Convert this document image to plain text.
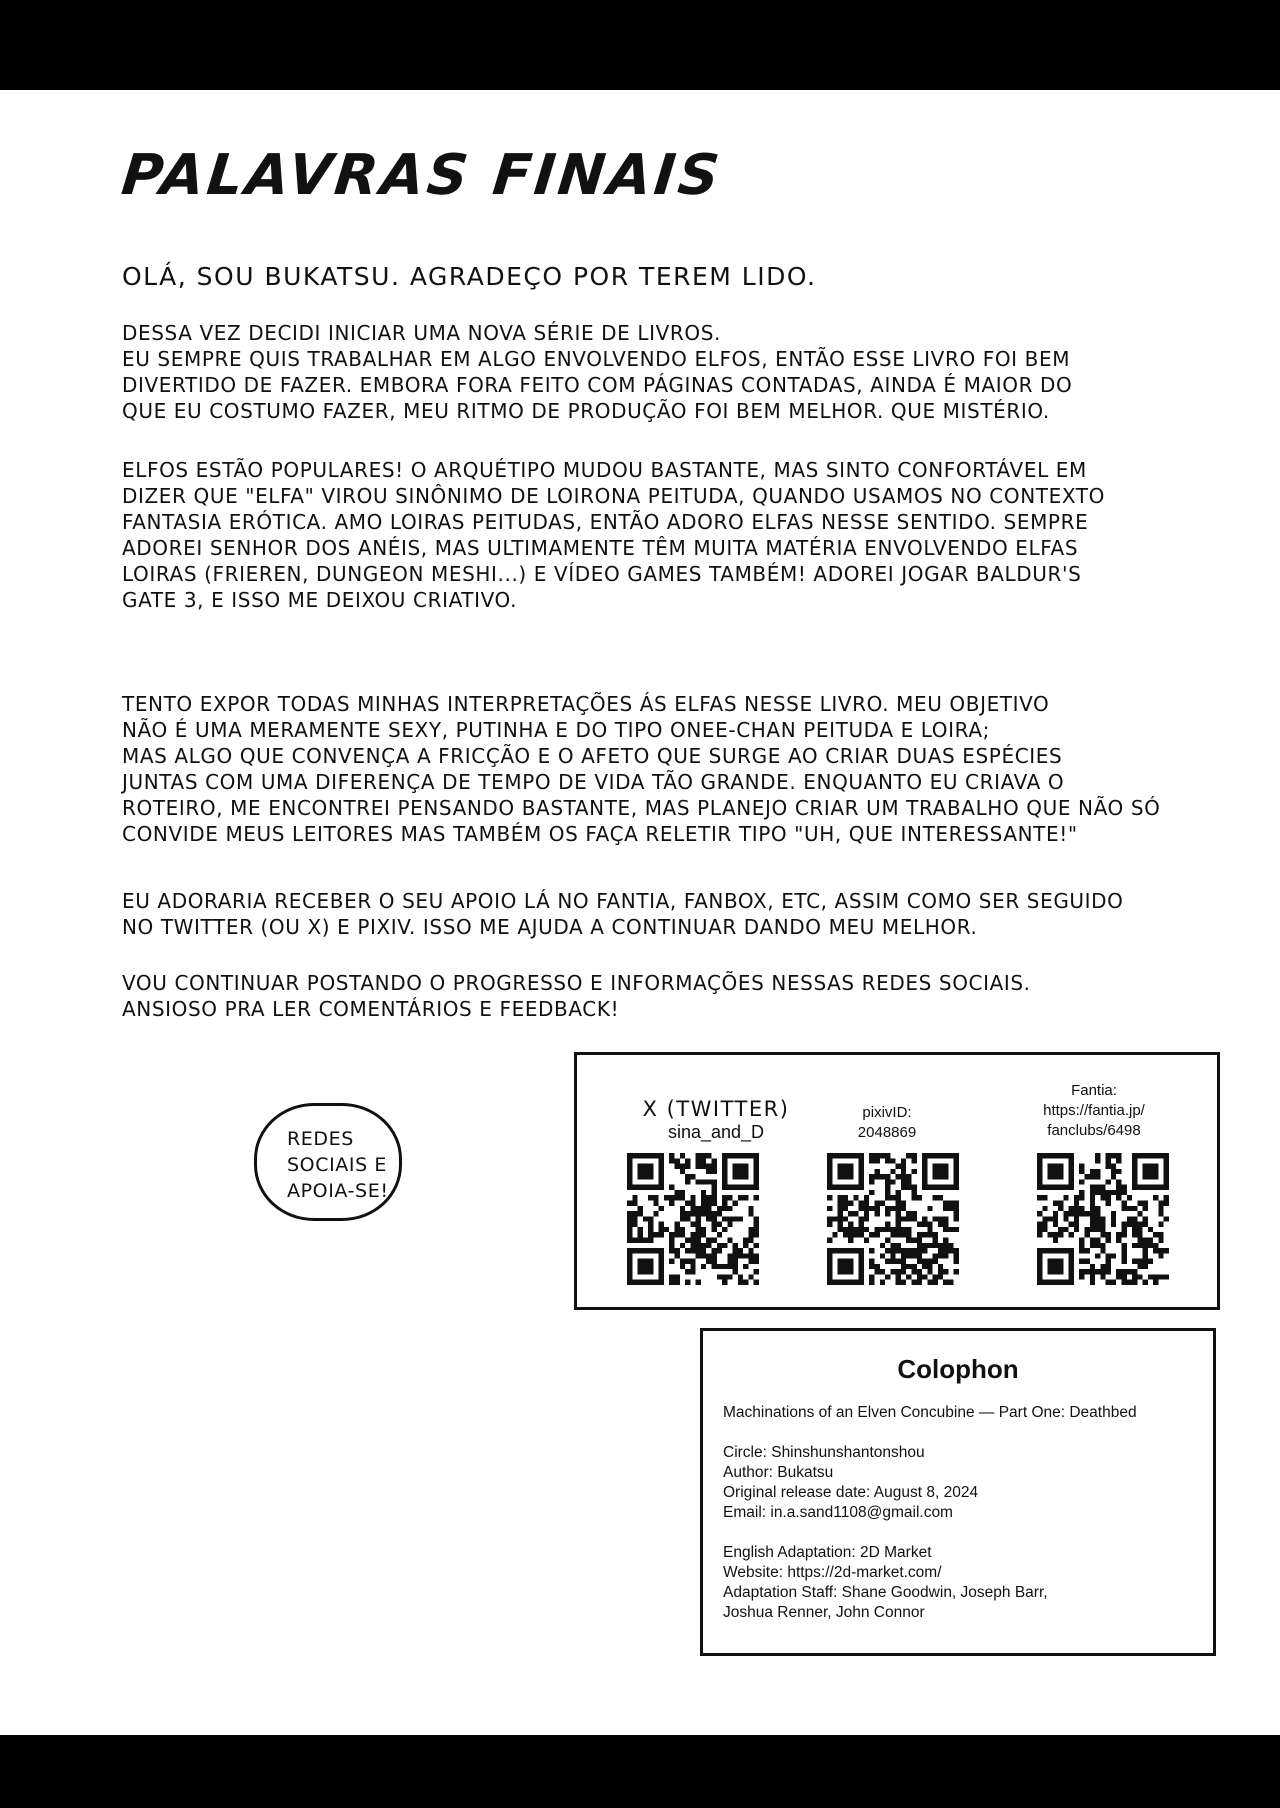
PALAVRAS FINAIS
OLÁ, SOU BUKATSU. AGRADEÇO POR TEREM LIDO.

DESSA VEZ DECIDI INICIAR UMA NOVA SÉRIE DE LIVROS.
EU SEMPRE QUIS TRABALHAR EM ALGO ENVOLVENDO ELFOS, ENTÃO ESSE LIVRO FOI BEM
DIVERTIDO DE FAZER. EMBORA FORA FEITO COM PÁGINAS CONTADAS, AINDA É MAIOR DO
QUE EU COSTUMO FAZER, MEU RITMO DE PRODUÇÃO FOI BEM MELHOR. QUE MISTÉRIO.

ELFOS ESTÃO POPULARES! O ARQUÉTIPO MUDOU BASTANTE, MAS SINTO CONFORTÁVEL EM
DIZER QUE "ELFA" VIROU SINÔNIMO DE LOIRONA PEITUDA, QUANDO USAMOS NO CONTEXTO
FANTASIA ERÓTICA. AMO LOIRAS PEITUDAS, ENTÃO ADORO ELFAS NESSE SENTIDO. SEMPRE
ADOREI SENHOR DOS ANÉIS, MAS ULTIMAMENTE TÊM MUITA MATÉRIA ENVOLVENDO ELFAS
LOIRAS (FRIEREN, DUNGEON MESHI...) E VÍDEO GAMES TAMBÉM! ADOREI JOGAR BALDUR'S
GATE 3, E ISSO ME DEIXOU CRIATIVO.

TENTO EXPOR TODAS MINHAS INTERPRETAÇÕES ÁS ELFAS NESSE LIVRO. MEU OBJETIVO
NÃO É UMA MERAMENTE SEXY, PUTINHA E DO TIPO ONEE-CHAN PEITUDA E LOIRA;
MAS ALGO QUE CONVENÇA A FRICÇÃO E O AFETO QUE SURGE AO CRIAR DUAS ESPÉCIES
JUNTAS COM UMA DIFERENÇA DE TEMPO DE VIDA TÃO GRANDE. ENQUANTO EU CRIAVA O
ROTEIRO, ME ENCONTREI PENSANDO BASTANTE, MAS PLANEJO CRIAR UM TRABALHO QUE NÃO SÓ
CONVIDE MEUS LEITORES MAS TAMBÉM OS FAÇA RELETIR TIPO "UH, QUE INTERESSANTE!"

EU ADORARIA RECEBER O SEU APOIO LÁ NO FANTIA, FANBOX, ETC, ASSIM COMO SER SEGUIDO
NO TWITTER (OU X) E PIXIV. ISSO ME AJUDA A CONTINUAR DANDO MEU MELHOR.

VOU CONTINUAR POSTANDO O PROGRESSO E INFORMAÇÕES NESSAS REDES SOCIAIS.
ANSIOSO PRA LER COMENTÁRIOS E FEEDBACK!

REDES
SOCIAIS E
APOIA-SE!
X (TWITTER)
sina_and_D
pixivID:
2048869
Fantia:
https://fantia.jp/
fanclubs/6498
Colophon
Machinations of an Elven Concubine — Part One: Deathbed
Circle: Shinshunshantonshou
Author: Bukatsu
Original release date: August 8, 2024
Email: in.a.sand1108@gmail.com
English Adaptation: 2D Market
Website: https://2d-market.com/
Adaptation Staff: Shane Goodwin, Joseph Barr,
Joshua Renner, John Connor
